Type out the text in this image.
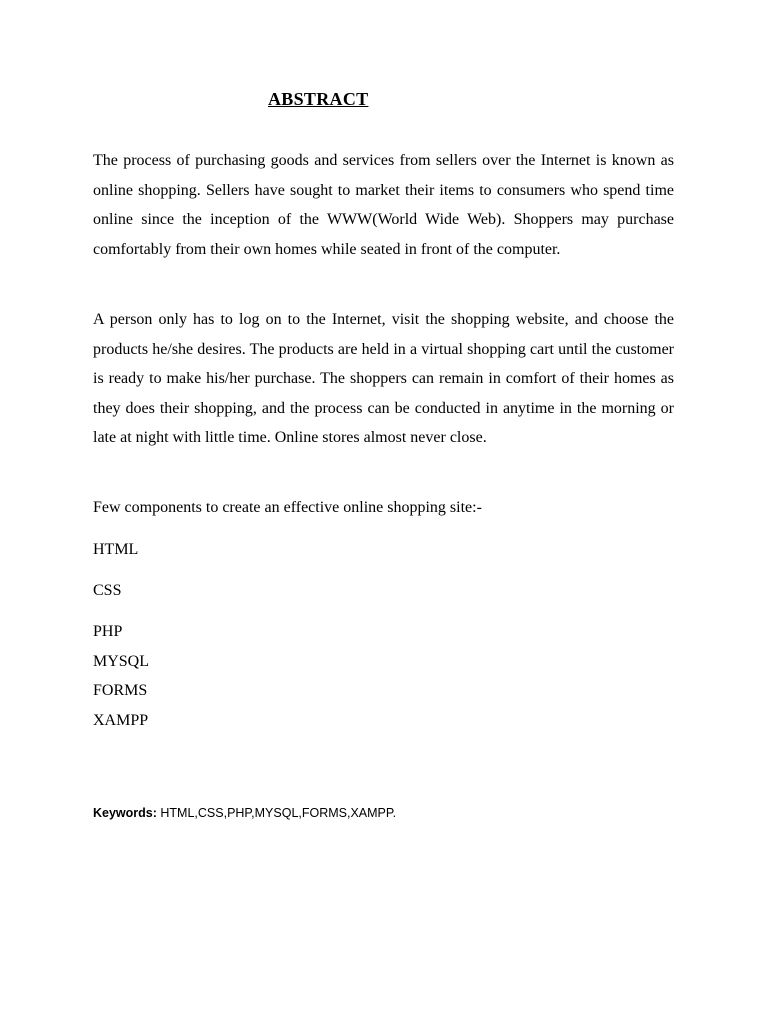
ABSTRACT

The process of purchasing goods and services from sellers over the Internet is known as online shopping. Sellers have sought to market their items to consumers who spend time online since the inception of the WWW(World Wide Web). Shoppers may purchase comfortably from their own homes while seated in front of the computer.

A person only has to log on to the Internet, visit the shopping website, and choose the products he/she desires. The products are held in a virtual shopping cart until the customer is ready to make his/her purchase. The shoppers can remain in comfort of their homes as they does their shopping, and the process can be conducted in anytime in the morning or late at night with little time. Online stores almost never close.

Few components to create an effective online shopping site:-

HTML

CSS

PHP

MYSQL

FORMS

XAMPP

Keywords: HTML,CSS,PHP,MYSQL,FORMS,XAMPP.
